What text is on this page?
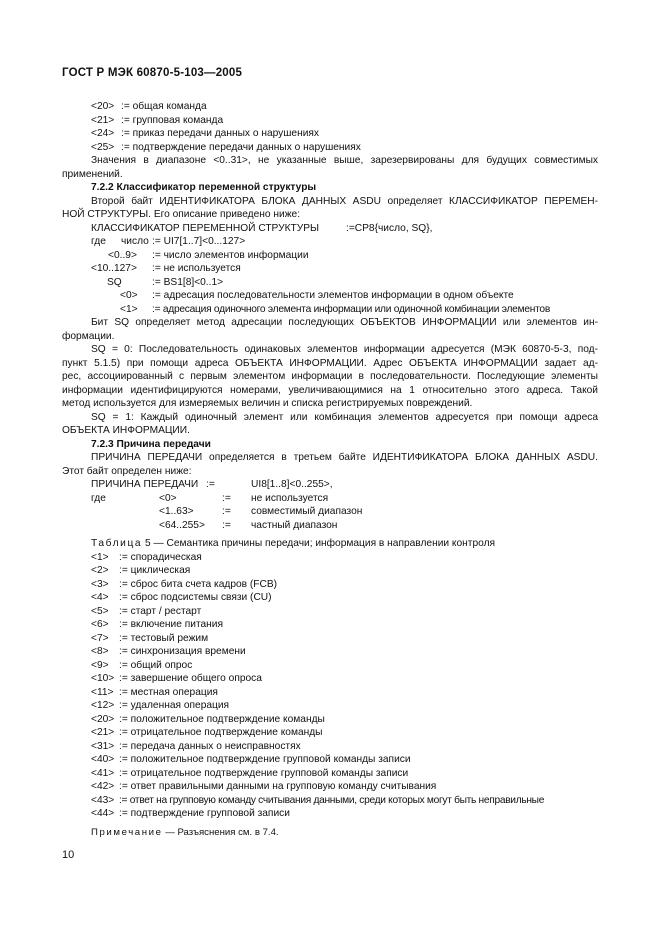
ГОСТ Р МЭК 60870-5-103—2005
<20> := общая команда
<21> := групповая команда
<24> := приказ передачи данных о нарушениях
<25> := подтверждение передачи данных о нарушениях
Значения в диапазоне <0..31>, не указанные выше, зарезервированы для будущих совместимых
применений.
7.2.2 Классификатор переменной структуры
Второй байт ИДЕНТИФИКАТОРА БЛОКА ДАННЫХ ASDU определяет КЛАССИФИКАТОР ПЕРЕМЕН-
НОЙ СТРУКТУРЫ. Его описание приведено ниже:
КЛАССИФИКАТОР ПЕРЕМЕННОЙ СТРУКТУРЫ	:=CP8{число, SQ},
где число := UI7[1..7]<0...127>
<0..9> := число элементов информации
<10..127> := не используется
SQ	:= BS1[8]<0..1>
<0> := адресация последовательности элементов информации в одном объекте
<1> := адресация одиночного элемента информации или одиночной комбинации элементов
Бит SQ определяет метод адресации последующих ОБЪЕКТОВ ИНФОРМАЦИИ или элементов ин-
формации.
SQ = 0: Последовательность одинаковых элементов информации адресуется (МЭК 60870-5-3, под-
пункт 5.1.5) при помощи адреса ОБЪЕКТА ИНФОРМАЦИИ. Адрес ОБЪЕКТА ИНФОРМАЦИИ задает ад-
рес, ассоциированный с первым элементом информации в последовательности. Последующие элементы
информации идентифицируются номерами, увеличивающимися на 1 относительно этого адреса. Такой
метод используется для измеряемых величин и списка регистрируемых повреждений.
SQ = 1: Каждый одиночный элемент или комбинация элементов адресуется при помощи адреса
ОБЪЕКТА ИНФОРМАЦИИ.
7.2.3 Причина передачи
ПРИЧИНА ПЕРЕДАЧИ определяется в третьем байте ИДЕНТИФИКАТОРА БЛОКА ДАННЫХ ASDU.
Этот байт определен ниже:
ПРИЧИНА ПЕРЕДАЧИ :=	UI8[1..8]<0..255>,
где	<0>	:= не используется
<1..63>	:= совместимый диапазон
<64..255> := частный диапазон
Таблица 5 — Семантика причины передачи; информация в направлении контроля
<1> := спорадическая
<2> := циклическая
<3> := сброс бита счета кадров (FCB)
<4> := сброс подсистемы связи (CU)
<5> := старт / рестарт
<6> := включение питания
<7> := тестовый режим
<8> := синхронизация времени
<9> := общий опрос
<10> := завершение общего опроса
<11> := местная операция
<12> := удаленная операция
<20> := положительное подтверждение команды
<21> := отрицательное подтверждение команды
<31> := передача данных о неисправностях
<40> := положительное подтверждение групповой команды записи
<41> := отрицательное подтверждение групповой команды записи
<42> := ответ правильными данными на групповую команду считывания
<43> := ответ на групповую команду считывания данными, среди которых могут быть неправильные
<44> := подтверждение групповой записи
Примечание — Разъяснения см. в 7.4.
10
